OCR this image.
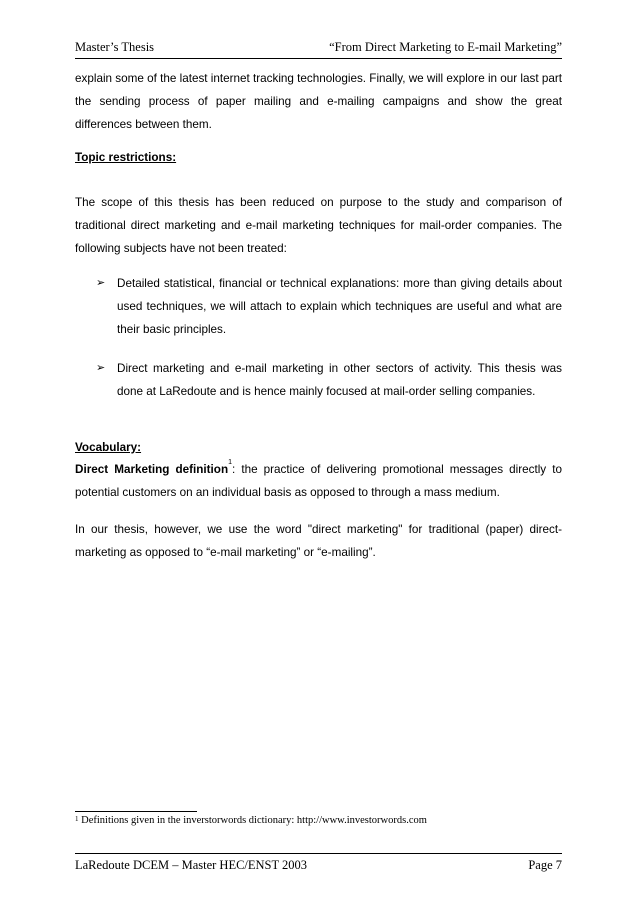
Master’s Thesis	“From Direct Marketing to E-mail Marketing”

explain some of the latest internet tracking technologies. Finally, we will explore in our last part the sending process of paper mailing and e-mailing campaigns and show the great differences between them.

Topic restrictions:

The scope of this thesis has been reduced on purpose to the study and comparison of traditional direct marketing and e-mail marketing techniques for mail-order companies. The following subjects have not been treated:

➢ Detailed statistical, financial or technical explanations: more than giving details about used techniques, we will attach to explain which techniques are useful and what are their basic principles.
➢ Direct marketing and e-mail marketing in other sectors of activity. This thesis was done at LaRedoute and is hence mainly focused at mail-order selling companies.

Vocabulary:

Direct Marketing definition$^1$: the practice of delivering promotional messages directly to potential customers on an individual basis as opposed to through a mass medium.

In our thesis, however, we use the word "direct marketing" for traditional (paper) direct-marketing as opposed to “e-mail marketing” or “e-mailing”.

$^1$ Definitions given in the inverstorwords dictionary: http://www.investorwords.com
LaRedoute DCEM – Master HEC/ENST 2003	Page 7
